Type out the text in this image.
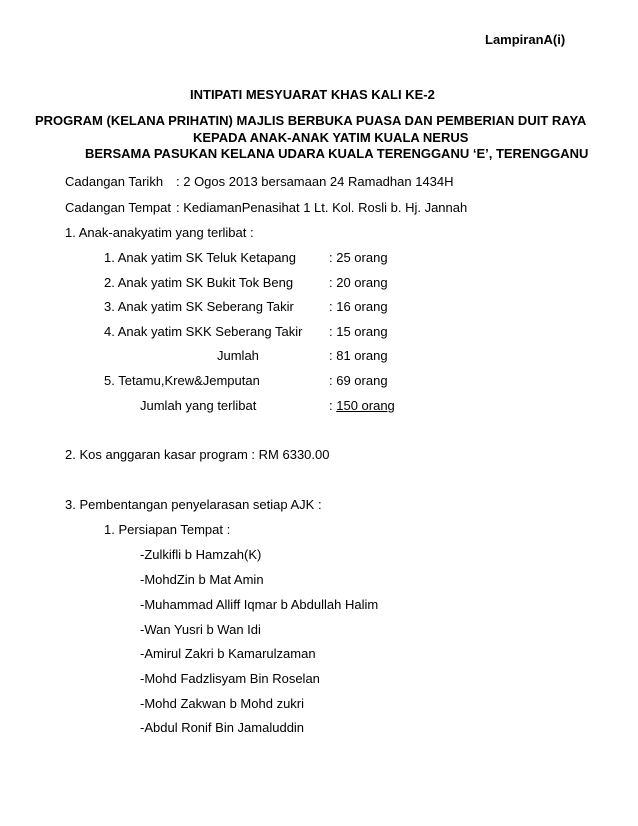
LampiranA(i)
INTIPATI MESYUARAT KHAS KALI KE-2
PROGRAM (KELANA PRIHATIN) MAJLIS BERBUKA PUASA DAN PEMBERIAN DUIT RAYA
KEPADA ANAK-ANAK YATIM KUALA NERUS
BERSAMA PASUKAN KELANA UDARA KUALA TERENGGANU ‘E’, TERENGGANU
Cadangan Tarikh : 2 Ogos 2013 bersamaan 24 Ramadhan 1434H
Cadangan Tempat : KediamanPenasihat 1 Lt. Kol. Rosli b. Hj. Jannah
1. Anak-anakyatim yang terlibat :
1. Anak yatim SK Teluk Ketapang	: 25 orang
2. Anak yatim SK Bukit Tok Beng	: 20 orang
3. Anak yatim SK Seberang Takir	: 16 orang
4. Anak yatim SKK Seberang Takir : 15 orang
Jumlah	: 81 orang
5. Tetamu,Krew&Jemputan	: 69 orang
Jumlah yang terlibat	: 150 orang
2. Kos anggaran kasar program : RM 6330.00
3. Pembentangan penyelarasan setiap AJK :
1. Persiapan Tempat :
-Zulkifli b Hamzah(K)
-MohdZin b Mat Amin
-Muhammad Alliff Iqmar b Abdullah Halim
-Wan Yusri b Wan Idi
-Amirul Zakri b Kamarulzaman
-Mohd Fadzlisyam Bin Roselan
-Mohd Zakwan b Mohd zukri
-Abdul Ronif Bin Jamaluddin
